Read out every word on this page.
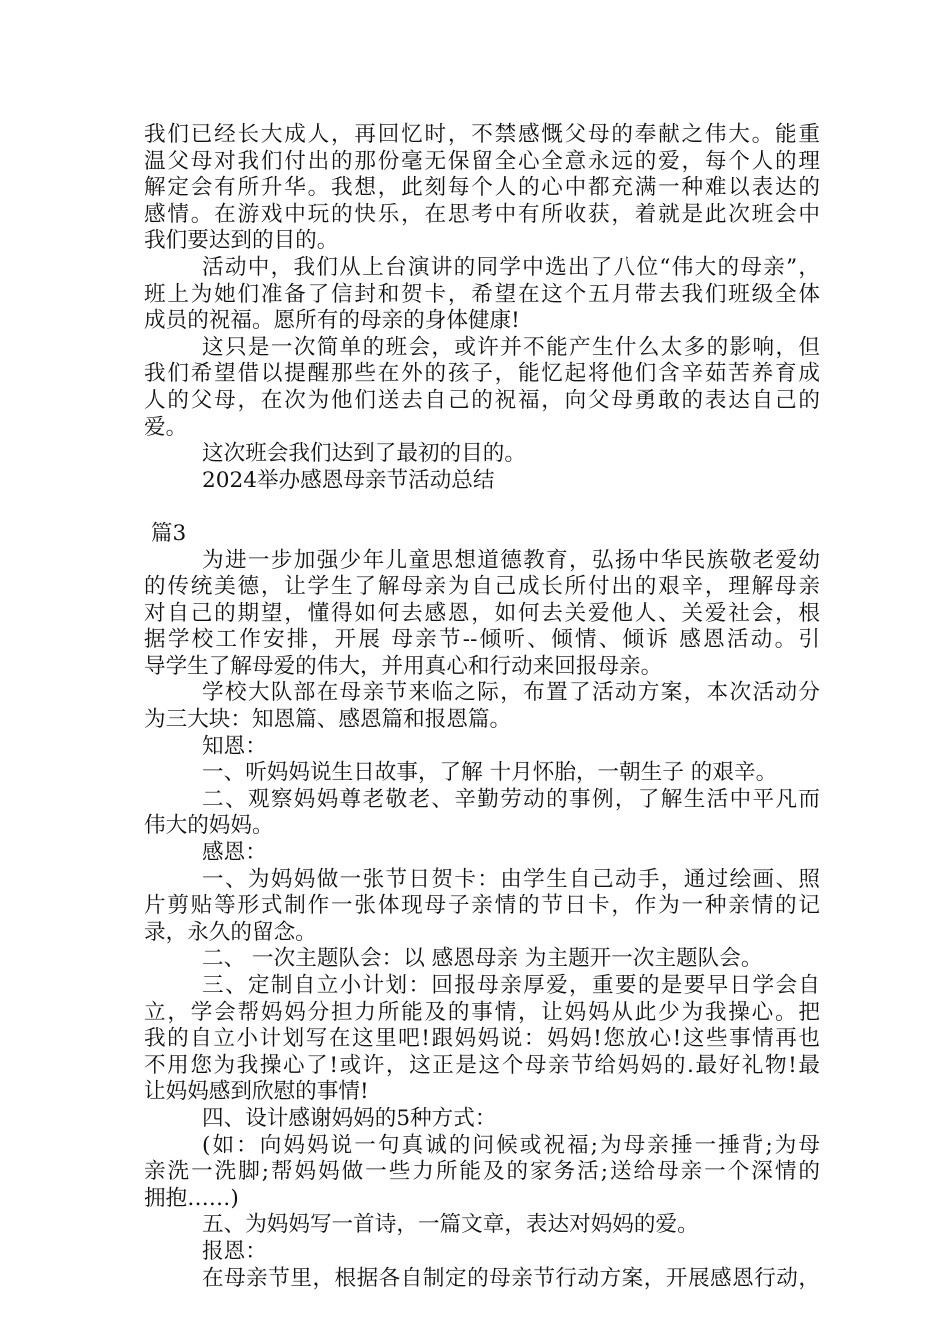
我们已经长大成人，再回忆时，不禁感慨父母的奉献之伟大。能重
温父母对我们付出的那份毫无保留全心全意永远的爱，每个人的理
解定会有所升华。我想，此刻每个人的心中都充满一种难以表达的
感情。在游戏中玩的快乐，在思考中有所收获，着就是此次班会中
我们要达到的目的。
活动中，我们从上台演讲的同学中选出了八位“伟大的母亲”，
班上为她们准备了信封和贺卡，希望在这个五月带去我们班级全体
成员的祝福。愿所有的母亲的身体健康!
这只是一次简单的班会，或许并不能产生什么太多的影响，但
我们希望借以提醒那些在外的孩子，能忆起将他们含辛茹苦养育成
人的父母，在次为他们送去自己的祝福，向父母勇敢的表达自己的
爱。
这次班会我们达到了最初的目的。
2024举办感恩母亲节活动总结
篇3
为进一步加强少年儿童思想道德教育，弘扬中华民族敬老爱幼
的传统美德，让学生了解母亲为自己成长所付出的艰辛，理解母亲
对自己的期望，懂得如何去感恩，如何去关爱他人、关爱社会，根
据学校工作安排，开展 母亲节--倾听、倾情、倾诉 感恩活动。引
导学生了解母爱的伟大，并用真心和行动来回报母亲。
学校大队部在母亲节来临之际，布置了活动方案，本次活动分
为三大块：知恩篇、感恩篇和报恩篇。
知恩：
一、听妈妈说生日故事，了解 十月怀胎，一朝生子 的艰辛。
二、观察妈妈尊老敬老、辛勤劳动的事例，了解生活中平凡而
伟大的妈妈。
感恩：
一、为妈妈做一张节日贺卡：由学生自己动手，通过绘画、照
片剪贴等形式制作一张体现母子亲情的节日卡，作为一种亲情的记
录，永久的留念。
二、 一次主题队会：以 感恩母亲 为主题开一次主题队会。
三、定制自立小计划：回报母亲厚爱，重要的是要早日学会自
立，学会帮妈妈分担力所能及的事情，让妈妈从此少为我操心。把
我的自立小计划写在这里吧!跟妈妈说：妈妈!您放心!这些事情再也
不用您为我操心了!或许，这正是这个母亲节给妈妈的.最好礼物!最
让妈妈感到欣慰的事情!
四、设计感谢妈妈的5种方式：
(如：向妈妈说一句真诚的问候或祝福;为母亲捶一捶背;为母
亲洗一洗脚;帮妈妈做一些力所能及的家务活;送给母亲一个深情的
拥抱……)
五、为妈妈写一首诗，一篇文章，表达对妈妈的爱。
报恩：
在母亲节里，根据各自制定的母亲节行动方案，开展感恩行动，
